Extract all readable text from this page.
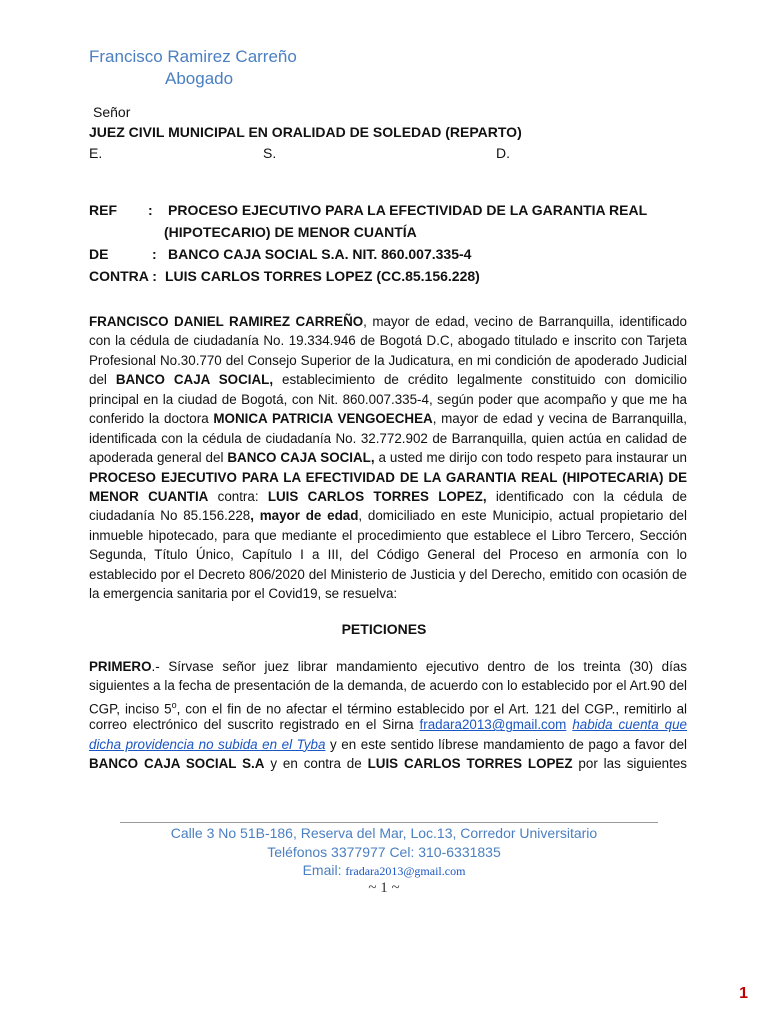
Francisco Ramirez Carreño
Abogado
Señor
JUEZ CIVIL MUNICIPAL EN ORALIDAD DE SOLEDAD (REPARTO)
E.	S.	D.
REF : PROCESO EJECUTIVO PARA LA EFECTIVIDAD DE LA GARANTIA REAL
(HIPOTECARIO) DE MENOR CUANTÍA
DE	: BANCO CAJA SOCIAL S.A. NIT. 860.007.335-4
CONTRA : LUIS CARLOS TORRES LOPEZ (CC.85.156.228)
FRANCISCO DANIEL RAMIREZ CARREÑO, mayor de edad, vecino de Barranquilla, identificado
con la cédula de ciudadanía No. 19.334.946 de Bogotá D.C, abogado titulado e inscrito con Tarjeta
Profesional No.30.770 del Consejo Superior de la Judicatura, en mi condición de apoderado Judicial
del BANCO CAJA SOCIAL, establecimiento de crédito legalmente constituido con domicilio
principal en la ciudad de Bogotá, con Nit. 860.007.335-4, según poder que acompaño y que me ha
conferido la doctora MONICA PATRICIA VENGOECHEA, mayor de edad y vecina de Barranquilla,
identificada con la cédula de ciudadanía No. 32.772.902 de Barranquilla, quien actúa en calidad de
apoderada general del BANCO CAJA SOCIAL, a usted me dirijo con todo respeto para instaurar un
PROCESO EJECUTIVO PARA LA EFECTIVIDAD DE LA GARANTIA REAL (HIPOTECARIA) DE
MENOR CUANTIA contra: LUIS CARLOS TORRES LOPEZ, identificado con la cédula de
ciudadanía No 85.156.228, mayor de edad, domiciliado en este Municipio, actual propietario del
inmueble hipotecado, para que mediante el procedimiento que establece el Libro Tercero, Sección
Segunda, Título Único, Capítulo I a III, del Código General del Proceso en armonía con lo
establecido por el Decreto 806/2020 del Ministerio de Justicia y del Derecho, emitido con ocasión de
la emergencia sanitaria por el Covid19, se resuelva:
PETICIONES
PRIMERO.- Sírvase señor juez librar mandamiento ejecutivo dentro de los treinta (30) días
siguientes a la fecha de presentación de la demanda, de acuerdo con lo establecido por el Art.90 del
CGP, inciso 5$^o$, con el fin de no afectar el término establecido por el Art. 121 del CGP., remitirlo al
correo electrónico del suscrito registrado en el Sirna fradara2013@gmail.com habida cuenta que
dicha providencia no subida en el Tyba y en este sentido líbrese mandamiento de pago a favor del
BANCO CAJA SOCIAL S.A y en contra de LUIS CARLOS TORRES LOPEZ por las siguientes
Calle 3 No 51B-186, Reserva del Mar, Loc.13, Corredor Universitario
Teléfonos 3377977 Cel: 310-6331835
Email: fradara2013@gmail.com
~ 1 ~
1
